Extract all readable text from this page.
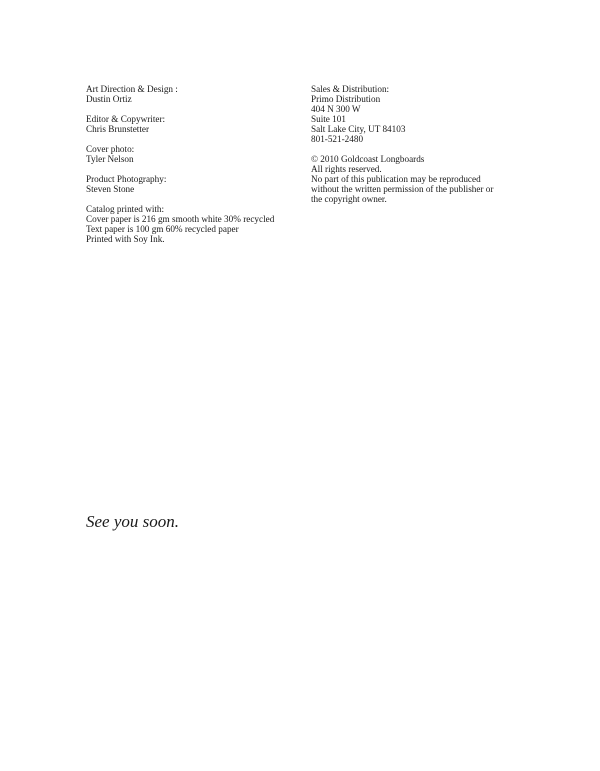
Art Direction & Design :
Dustin Ortiz
Editor & Copywriter:
Chris Brunstetter
Cover photo:
Tyler Nelson
Product Photography:
Steven Stone
Catalog printed with:
Cover paper is 216 gm smooth white 30% recycled
Text paper is 100 gm 60% recycled paper
Printed with Soy Ink.
Sales & Distribution:
Primo Distribution
404 N 300 W
Suite 101
Salt Lake City, UT 84103
801-521-2480
© 2010 Goldcoast Longboards
All rights reserved.
No part of this publication may be reproduced
without the written permission of the publisher or
the copyright owner.
See you soon.
